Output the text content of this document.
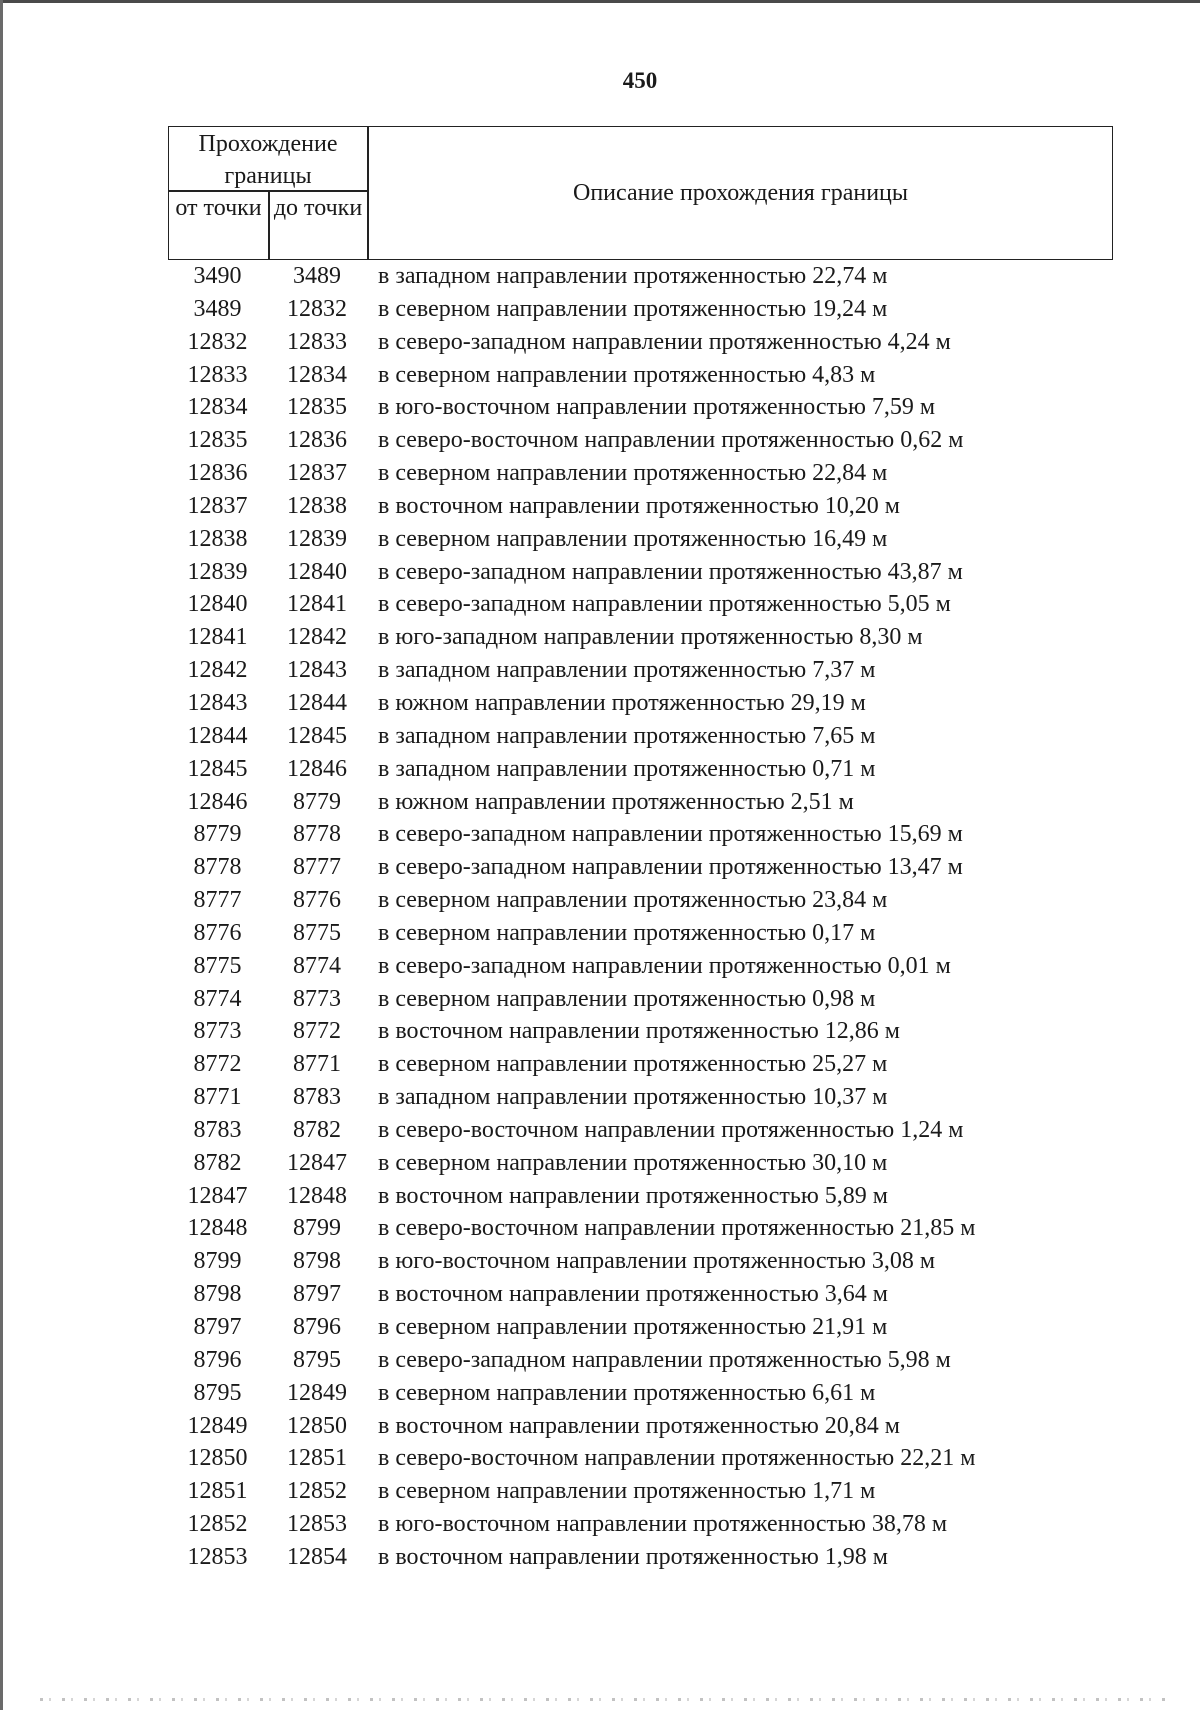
450
Прохождение границы
от точки до точки
Описание прохождения границы
3490	3489	в западном направлении протяженностью 22,74 м
3489	12832	в северном направлении протяженностью 19,24 м
12832	12833	в северо-западном направлении протяженностью 4,24 м
12833	12834	в северном направлении протяженностью 4,83 м
12834	12835	в юго-восточном направлении протяженностью 7,59 м
12835	12836	в северо-восточном направлении протяженностью 0,62 м
12836	12837	в северном направлении протяженностью 22,84 м
12837	12838	в восточном направлении протяженностью 10,20 м
12838	12839	в северном направлении протяженностью 16,49 м
12839	12840	в северо-западном направлении протяженностью 43,87 м
12840	12841	в северо-западном направлении протяженностью 5,05 м
12841	12842	в юго-западном направлении протяженностью 8,30 м
12842	12843	в западном направлении протяженностью 7,37 м
12843	12844	в южном направлении протяженностью 29,19 м
12844	12845	в западном направлении протяженностью 7,65 м
12845	12846	в западном направлении протяженностью 0,71 м
12846	8779	в южном направлении протяженностью 2,51 м
8779	8778	в северо-западном направлении протяженностью 15,69 м
8778	8777	в северо-западном направлении протяженностью 13,47 м
8777	8776	в северном направлении протяженностью 23,84 м
8776	8775	в северном направлении протяженностью 0,17 м
8775	8774	в северо-западном направлении протяженностью 0,01 м
8774	8773	в северном направлении протяженностью 0,98 м
8773	8772	в восточном направлении протяженностью 12,86 м
8772	8771	в северном направлении протяженностью 25,27 м
8771	8783	в западном направлении протяженностью 10,37 м
8783	8782	в северо-восточном направлении протяженностью 1,24 м
8782	12847	в северном направлении протяженностью 30,10 м
12847	12848	в восточном направлении протяженностью 5,89 м
12848	8799	в северо-восточном направлении протяженностью 21,85 м
8799	8798	в юго-восточном направлении протяженностью 3,08 м
8798	8797	в восточном направлении протяженностью 3,64 м
8797	8796	в северном направлении протяженностью 21,91 м
8796	8795	в северо-западном направлении протяженностью 5,98 м
8795	12849	в северном направлении протяженностью 6,61 м
12849	12850	в восточном направлении протяженностью 20,84 м
12850	12851	в северо-восточном направлении протяженностью 22,21 м
12851	12852	в северном направлении протяженностью 1,71 м
12852	12853	в юго-восточном направлении протяженностью 38,78 м
12853	12854	в восточном направлении протяженностью 1,98 м
